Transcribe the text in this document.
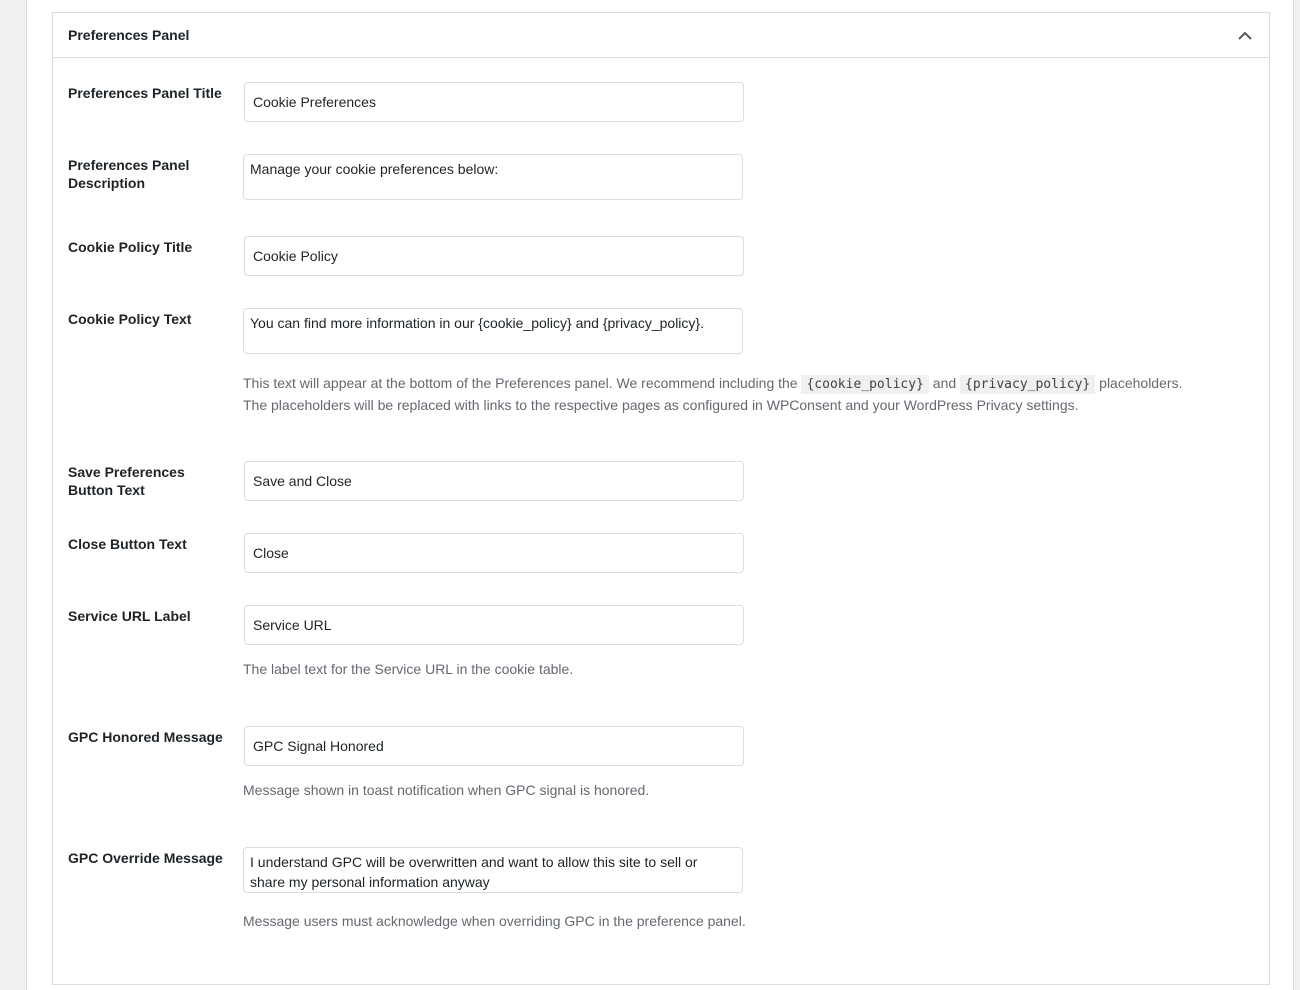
Preferences Panel
Preferences Panel Title
Cookie Preferences
Preferences Panel
Description
Manage your cookie preferences below:
Cookie Policy Title
Cookie Policy
Cookie Policy Text	You can find more information in our {cookie_policy} and {privacy_policy}.
This text will appear at the bottom of the Preferences panel. We recommend including the {cookie_policy} and {privacy_policy} placeholders.
The placeholders will be replaced with links to the respective pages as configured in WPConsent and your WordPress Privacy settings.
Save Preferences
Button Text
Save and Close
Close Button Text
Close
Service URL Label
Service URL
The label text for the Service URL in the cookie table.
GPC Honored Message
GPC Signal Honored
Message shown in toast notification when GPC signal is honored.
GPC Override Message	I understand GPC will be overwritten and want to allow this site to sell or share my personal information anyway
Message users must acknowledge when overriding GPC in the preference panel.
